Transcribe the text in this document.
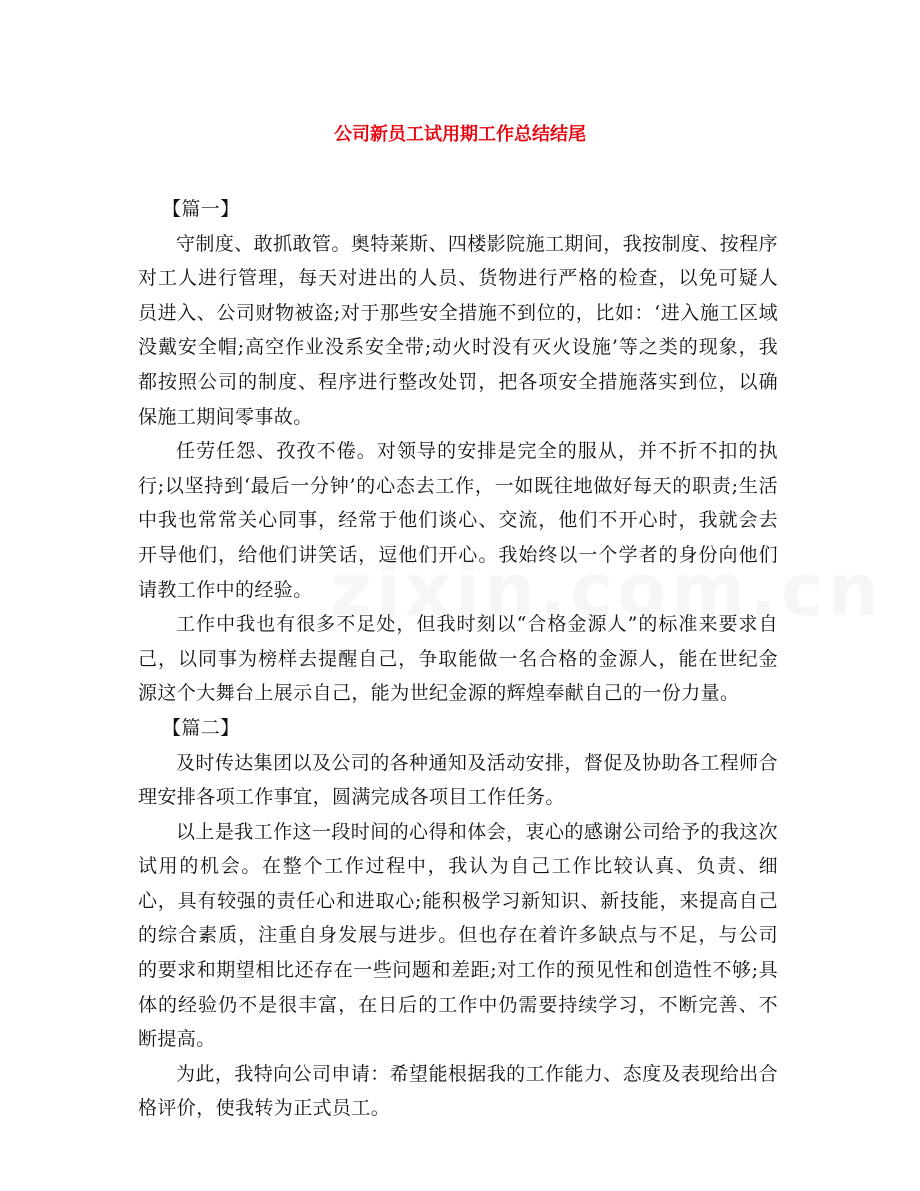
公司新员工试用期工作总结结尾
【篇一】

守制度、敢抓敢管。奥特莱斯、四楼影院施工期间，我按制度、按程序对工人进行管理，每天对进出的人员、货物进行严格的检查，以免可疑人员进入、公司财物被盗;对于那些安全措施不到位的，比如：‘进入施工区域没戴安全帽;高空作业没系安全带;动火时没有灭火设施’等之类的现象，我都按照公司的制度、程序进行整改处罚，把各项安全措施落实到位，以确保施工期间零事故。

任劳任怨、孜孜不倦。对领导的安排是完全的服从，并不折不扣的执行;以坚持到‘最后一分钟’的心态去工作，一如既往地做好每天的职责;生活中我也常常关心同事，经常于他们谈心、交流，他们不开心时，我就会去开导他们，给他们讲笑话，逗他们开心。我始终以一个学者的身份向他们请教工作中的经验。

工作中我也有很多不足处，但我时刻以“合格金源人”的标准来要求自己，以同事为榜样去提醒自己，争取能做一名合格的金源人，能在世纪金源这个大舞台上展示自己，能为世纪金源的辉煌奉献自己的一份力量。

【篇二】

及时传达集团以及公司的各种通知及活动安排，督促及协助各工程师合理安排各项工作事宜，圆满完成各项目工作任务。

以上是我工作这一段时间的心得和体会，衷心的感谢公司给予的我这次试用的机会。在整个工作过程中，我认为自己工作比较认真、负责、细心，具有较强的责任心和进取心;能积极学习新知识、新技能，来提高自己的综合素质，注重自身发展与进步。但也存在着许多缺点与不足，与公司的要求和期望相比还存在一些问题和差距;对工作的预见性和创造性不够;具体的经验仍不是很丰富，在日后的工作中仍需要持续学习，不断完善、不断提高。

为此，我特向公司申请：希望能根据我的工作能力、态度及表现给出合格评价，使我转为正式员工。
